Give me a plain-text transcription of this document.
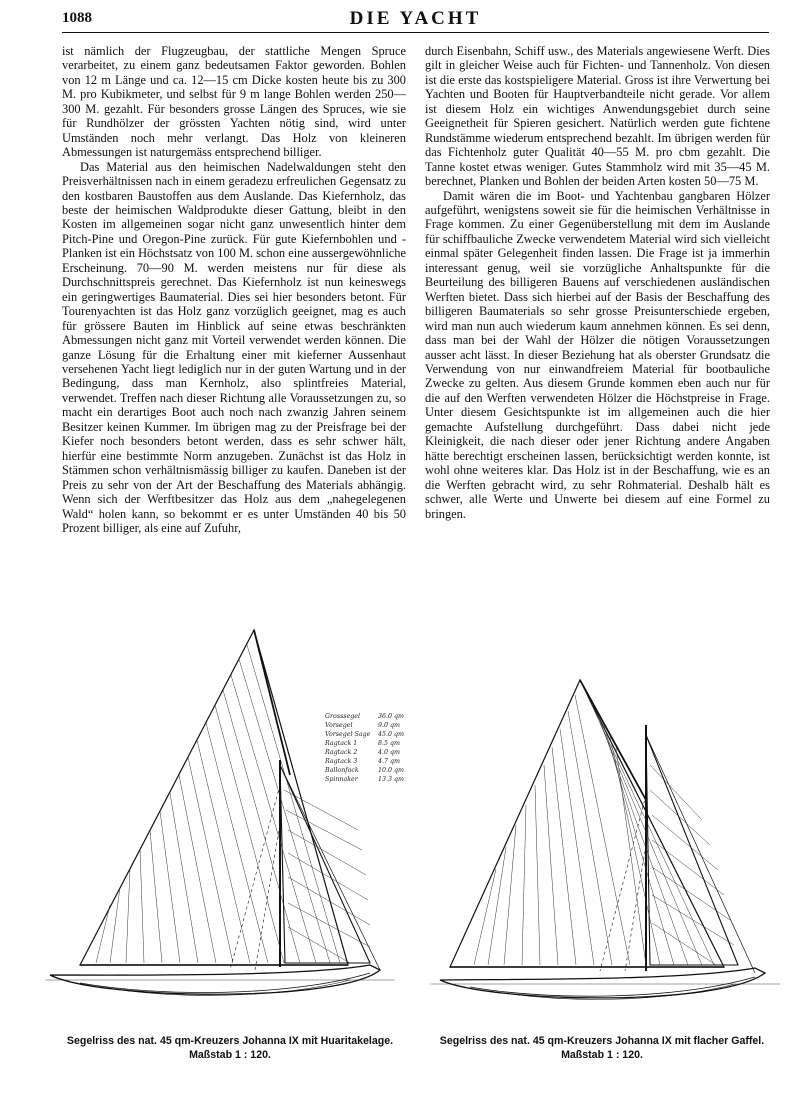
1088	DIE YACHT

ist nämlich der Flugzeugbau, der stattliche Mengen Spruce verarbeitet, zu einem ganz bedeutsamen Faktor geworden. Bohlen von 12 m Länge und ca. 12—15 cm Dicke kosten heute bis zu 300 M. pro Kubikmeter, und selbst für 9 m lange Bohlen werden 250—300 M. gezahlt. Für besonders grosse Längen des Spruces, wie sie für Rundhölzer der grössten Yachten nötig sind, wird unter Umständen noch mehr verlangt. Das Holz von kleineren Abmessungen ist naturgemäss entsprechend billiger.

Das Material aus den heimischen Nadelwaldungen steht den Preisverhältnissen nach in einem geradezu erfreulichen Gegensatz zu den kostbaren Baustoffen aus dem Auslande. Das Kiefernholz, das beste der heimischen Waldprodukte dieser Gattung, bleibt in den Kosten im allgemeinen sogar nicht ganz unwesentlich hinter dem Pitch-Pine und Oregon-Pine zurück. Für gute Kiefernbohlen und -Planken ist ein Höchstsatz von 100 M. schon eine aussergewöhnliche Erscheinung. 70—90 M. werden meistens nur für diese als Durchschnittspreis gerechnet. Das Kiefernholz ist nun keineswegs ein geringwertiges Baumaterial. Dies sei hier besonders betont. Für Tourenyachten ist das Holz ganz vorzüglich geeignet, mag es auch für grössere Bauten im Hinblick auf seine etwas beschränkten Abmessungen nicht ganz mit Vorteil verwendet werden können. Die ganze Lösung für die Erhaltung einer mit kieferner Aussenhaut versehenen Yacht liegt lediglich nur in der guten Wartung und in der Bedingung, dass man Kernholz, also splintfreies Material, verwendet. Treffen nach dieser Richtung alle Voraussetzungen zu, so macht ein derartiges Boot auch noch nach zwanzig Jahren seinem Besitzer keinen Kummer. Im übrigen mag zu der Preisfrage bei der Kiefer noch besonders betont werden, dass es sehr schwer hält, hierfür eine bestimmte Norm anzugeben. Zunächst ist das Holz in Stämmen schon verhältnismässig billiger zu kaufen. Daneben ist der Preis zu sehr von der Art der Beschaffung des Materials abhängig. Wenn sich der Werftbesitzer das Holz aus dem „nahegelegenen Wald“ holen kann, so bekommt er es unter Umständen 40 bis 50 Prozent billiger, als eine auf Zufuhr,

durch Eisenbahn, Schiff usw., des Materials angewiesene Werft. Dies gilt in gleicher Weise auch für Fichten- und Tannenholz. Von diesen ist die erste das kostspieligere Material. Gross ist ihre Verwertung bei Yachten und Booten für Hauptverbandteile nicht gerade. Vor allem ist diesem Holz ein wichtiges Anwendungsgebiet durch seine Geeignetheit für Spieren gesichert. Natürlich werden gute fichtene Rundstämme wiederum entsprechend bezahlt. Im übrigen werden für das Fichtenholz guter Qualität 40—55 M. pro cbm gezahlt. Die Tanne kostet etwas weniger. Gutes Stammholz wird mit 35—45 M. berechnet, Planken und Bohlen der beiden Arten kosten 50—75 M.

Damit wären die im Boot- und Yachtenbau gangbaren Hölzer aufgeführt, wenigstens soweit sie für die heimischen Verhältnisse in Frage kommen. Zu einer Gegenüberstellung mit dem im Auslande für schiffbauliche Zwecke verwendetem Material wird sich vielleicht einmal später Gelegenheit finden lassen. Die Frage ist ja immerhin interessant genug, weil sie vorzügliche Anhaltspunkte für die Beurteilung des billigeren Bauens auf verschiedenen ausländischen Werften bietet. Dass sich hierbei auf der Basis der Beschaffung des billigeren Baumaterials so sehr grosse Preisunterschiede ergeben, wird man nun auch wiederum kaum annehmen können. Es sei denn, dass man bei der Wahl der Hölzer die nötigen Voraussetzungen ausser acht lässt. In dieser Beziehung hat als oberster Grundsatz die Verwendung von nur einwandfreiem Material für bootbauliche Zwecke zu gelten. Aus diesem Grunde kommen eben auch nur für die auf den Werften verwendeten Hölzer die Höchstpreise in Frage. Unter diesem Gesichtspunkte ist im allgemeinen auch die hier gemachte Aufstellung durchgeführt. Dass dabei nicht jede Kleinigkeit, die nach dieser oder jener Richtung andere Angaben hätte berechtigt erscheinen lassen, berücksichtigt werden konnte, ist wohl ohne weiteres klar. Das Holz ist in der Beschaffung, wie es an die Werften gebracht wird, zu sehr Rohmaterial. Deshalb hält es schwer, alle Werte und Unwerte bei diesem auf eine Formel zu bringen.

Grosssegel	36.0 qm
Vorsegel	9.0 qm
Vorsegel Sage 45.0 qm
Ragtack 1	8.5 qm
Ragtack 2	4.0 qm
Ragtack 3	4.7 qm
Ballonfock	10.0 qm
Spinnaker	13.3 qm
Segelriss des nat. 45 qm-Kreuzers Johanna IX mit Huaritakelage.
Maßstab 1 : 120.
Segelriss des nat. 45 qm-Kreuzers Johanna IX mit flacher Gaffel.
Maßstab 1 : 120.
